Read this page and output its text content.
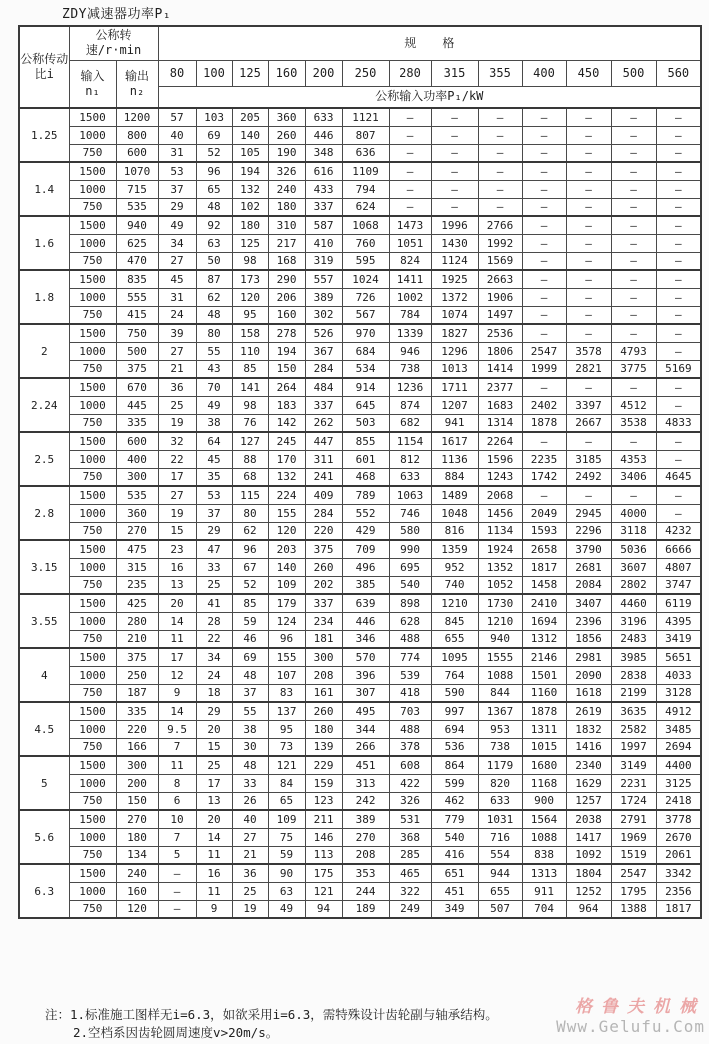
ZDY减速器功率P₁
公称传动
比i	公称转
速/r·min		规格												
	输入
n₁	输出
n₂	80	100	125	160	200	250	280	315	355	400	450	500	560
			公称输入功率P₁/kW												
1.25	1500	1200	57	103	205	360	633	1121	—	—	—	—	—	—	—
	1000	800	40	69	140	260	446	807	—	—	—	—	—	—	—
	750	600	31	52	105	190	348	636	—	—	—	—	—	—	—
1.4	1500	1070	53	96	194	326	616	1109	—	—	—	—	—	—	—
	1000	715	37	65	132	240	433	794	—	—	—	—	—	—	—
	750	535	29	48	102	180	337	624	—	—	—	—	—	—	—
1.6	1500	940	49	92	180	310	587	1068	1473	1996	2766	—	—	—	—
	1000	625	34	63	125	217	410	760	1051	1430	1992	—	—	—	—
	750	470	27	50	98	168	319	595	824	1124	1569	—	—	—	—
1.8	1500	835	45	87	173	290	557	1024	1411	1925	2663	—	—	—	—
	1000	555	31	62	120	206	389	726	1002	1372	1906	—	—	—	—
	750	415	24	48	95	160	302	567	784	1074	1497	—	—	—	—
2	1500	750	39	80	158	278	526	970	1339	1827	2536	—	—	—	—
	1000	500	27	55	110	194	367	684	946	1296	1806	2547	3578	4793	—
	750	375	21	43	85	150	284	534	738	1013	1414	1999	2821	3775	5169
2.24	1500	670	36	70	141	264	484	914	1236	1711	2377	—	—	—	—
	1000	445	25	49	98	183	337	645	874	1207	1683	2402	3397	4512	—
	750	335	19	38	76	142	262	503	682	941	1314	1878	2667	3538	4833
2.5	1500	600	32	64	127	245	447	855	1154	1617	2264	—	—	—	—
	1000	400	22	45	88	170	311	601	812	1136	1596	2235	3185	4353	—
	750	300	17	35	68	132	241	468	633	884	1243	1742	2492	3406	4645
2.8	1500	535	27	53	115	224	409	789	1063	1489	2068	—	—	—	—
	1000	360	19	37	80	155	284	552	746	1048	1456	2049	2945	4000	—
	750	270	15	29	62	120	220	429	580	816	1134	1593	2296	3118	4232
3.15	1500	475	23	47	96	203	375	709	990	1359	1924	2658	3790	5036	6666
	1000	315	16	33	67	140	260	496	695	952	1352	1817	2681	3607	4807
	750	235	13	25	52	109	202	385	540	740	1052	1458	2084	2802	3747
3.55	1500	425	20	41	85	179	337	639	898	1210	1730	2410	3407	4460	6119
	1000	280	14	28	59	124	234	446	628	845	1210	1694	2396	3196	4395
	750	210	11	22	46	96	181	346	488	655	940	1312	1856	2483	3419
4	1500	375	17	34	69	155	300	570	774	1095	1555	2146	2981	3985	5651
	1000	250	12	24	48	107	208	396	539	764	1088	1501	2090	2838	4033
	750	187	9	18	37	83	161	307	418	590	844	1160	1618	2199	3128
4.5	1500	335	14	29	55	137	260	495	703	997	1367	1878	2619	3635	4912
	1000	220	9.5	20	38	95	180	344	488	694	953	1311	1832	2582	3485
	750	166	7	15	30	73	139	266	378	536	738	1015	1416	1997	2694
5	1500	300	11	25	48	121	229	451	608	864	1179	1680	2340	3149	4400
	1000	200	8	17	33	84	159	313	422	599	820	1168	1629	2231	3125
	750	150	6	13	26	65	123	242	326	462	633	900	1257	1724	2418
5.6	1500	270	10	20	40	109	211	389	531	779	1031	1564	2038	2791	3778
	1000	180	7	14	27	75	146	270	368	540	716	1088	1417	1969	2670
	750	134	5	11	21	59	113	208	285	416	554	838	1092	1519	2061
6.3	1500	240	—	16	36	90	175	353	465	651	944	1313	1804	2547	3342
	1000	160	—	11	25	63	121	244	322	451	655	911	1252	1795	2356
	750	120	—	9	19	49	94	189	249	349	507	704	964	1388	1817
注：1.标准施工图样无i=6.3，如欲采用i=6.3，需特殊设计齿轮副与轴承结构。
2.空档系因齿轮圆周速度v>20m/s。
格鲁夫机械
Www.Gelufu.Com
